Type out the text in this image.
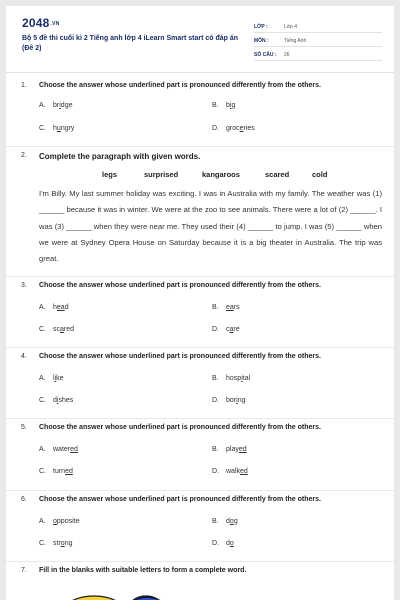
2048.VN
Bộ 5 đề thi cuối kì 2 Tiếng anh lớp 4 iLearn Smart start có đáp án (Đề 2)
LỚP :	Lớp 4
MÔN :	Tiếng Anh
SỐ CÂU : 26
1. Choose the answer whose underlined part is pronounced differently from the others.
A. bridge	B. big
C. hungry	D. groceries
2. Complete the paragraph with given words.
legs	surprised	kangaroos	scared	cold
I'm Billy. My last summer holiday was exciting. I was in Australia with my family. The weather was (1) ______ because it was in winter. We were at the zoo to see animals. There were a lot of (2) ______. I was (3) ______ when they were near me. They used their (4) ______ to jump. I was (5) ______ when we were at Sydney Opera House on Saturday because it is a big theater in Australia. The trip was great.
3. Choose the answer whose underlined part is pronounced differently from the others.
A. head	B. ears
C. scared	D. care
4. Choose the answer whose underlined part is pronounced differently from the others.
A. like	B. hospital
C. dishes	D. boring
5. Choose the answer whose underlined part is pronounced differently from the others.
A. watered	B. played
C. turned	D. walked
6. Choose the answer whose underlined part is pronounced differently from the others.
A. opposite	B. dog
C. strong	D. do
7. Fill in the blanks with suitable letters to form a complete word.
